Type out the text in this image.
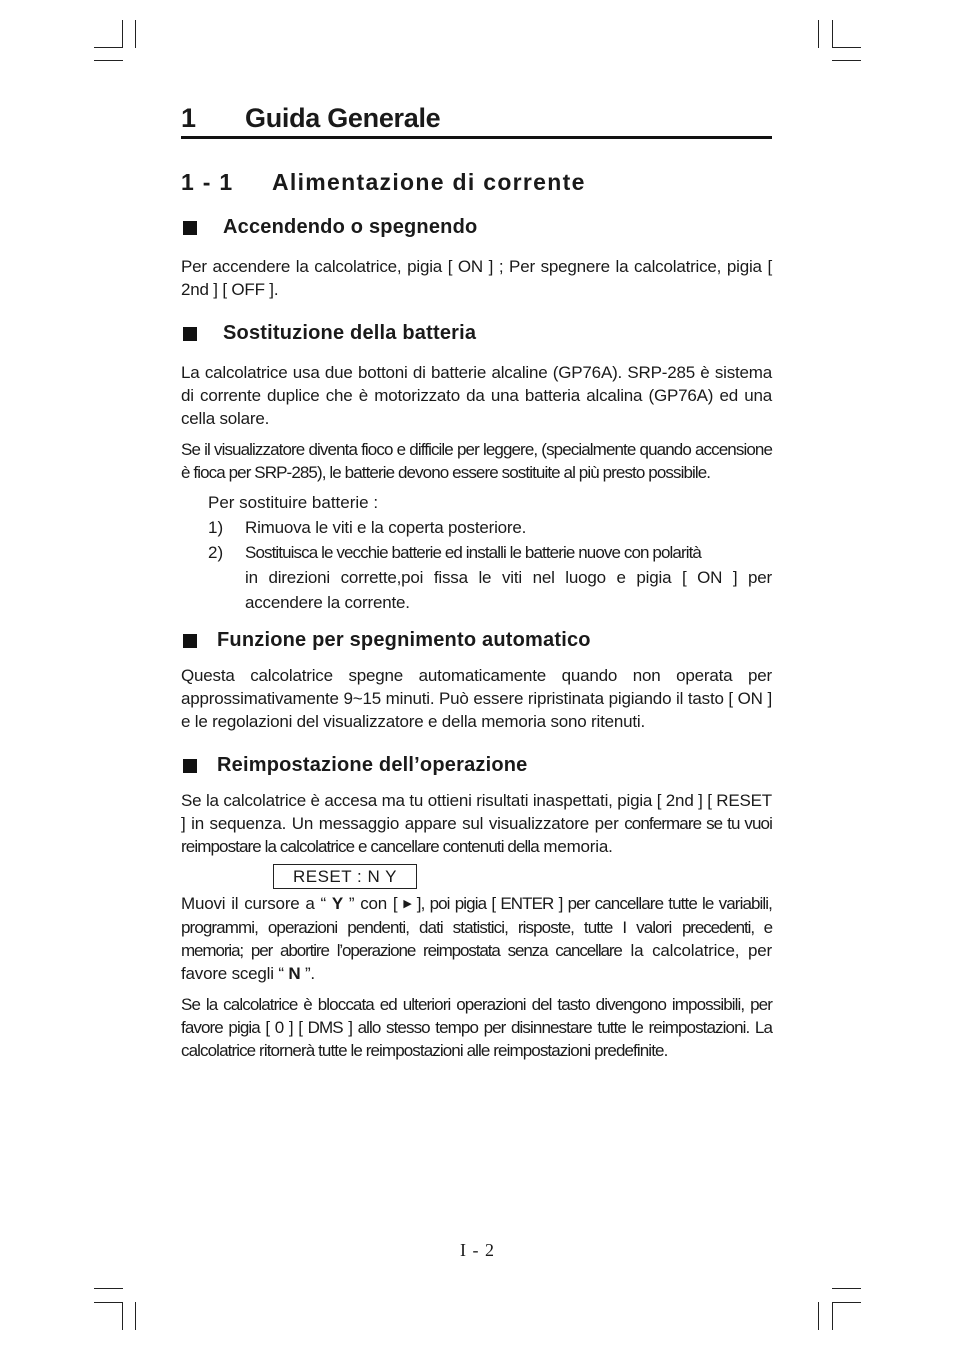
1	Guida Generale
1 - 1	Alimentazione di corrente
Accendendo o spegnendo

Per accendere la calcolatrice, pigia [ ON ] ; Per spegnere la calcolatrice, pigia [ 2nd ] [ OFF ].

Sostituzione della batteria

La calcolatrice usa due bottoni di batterie alcaline (GP76A). SRP-285 è sistema di corrente duplice che è motorizzato da una batteria alcalina (GP76A) ed una cella solare.

Se il visualizzatore diventa fioco e difficile per leggere, (specialmente quando accensione è fioca per SRP-285), le batterie devono essere sostituite al più presto possibile.

Per sostituire batterie :
1)	Rimuova le viti e la coperta posteriore.
2)	Sostituisca le vecchie batterie ed installi le batterie nuove con polarità
in direzioni corrette,poi fissa le viti nel luogo e pigia [ ON ] per accendere la corrente.
Funzione per spegnimento automatico

Questa calcolatrice spegne automaticamente quando non operata per approssimativamente 9~15 minuti. Può essere ripristinata pigiando il tasto [ ON ] e le regolazioni del visualizzatore e della memoria sono ritenuti.

Reimpostazione dell’operazione

Se la calcolatrice è accesa ma tu ottieni risultati inaspettati, pigia [ 2nd ] [ RESET ] in sequenza. Un messaggio appare sul visualizzatore per confermare se tu vuoi reimpostare la calcolatrice e cancellare contenuti della memoria.

RESET : N Y

Muovi il cursore a “ Y ” con [ ▶ ], poi pigia [ ENTER ] per cancellare tutte le variabili, programmi, operazioni pendenti, dati statistici, risposte, tutte I valori precedenti, e memoria; per abortire l’operazione reimpostata senza cancellare la calcolatrice, per favore scegli “ N ”.

Se la calcolatrice è bloccata ed ulteriori operazioni del tasto divengono impossibili, per favore pigia [ 0 ] [ DMS ] allo stesso tempo per disinnestare tutte le reimpostazioni. La calcolatrice ritornerà tutte le reimpostazioni alle reimpostazioni predefinite.

I - 2
